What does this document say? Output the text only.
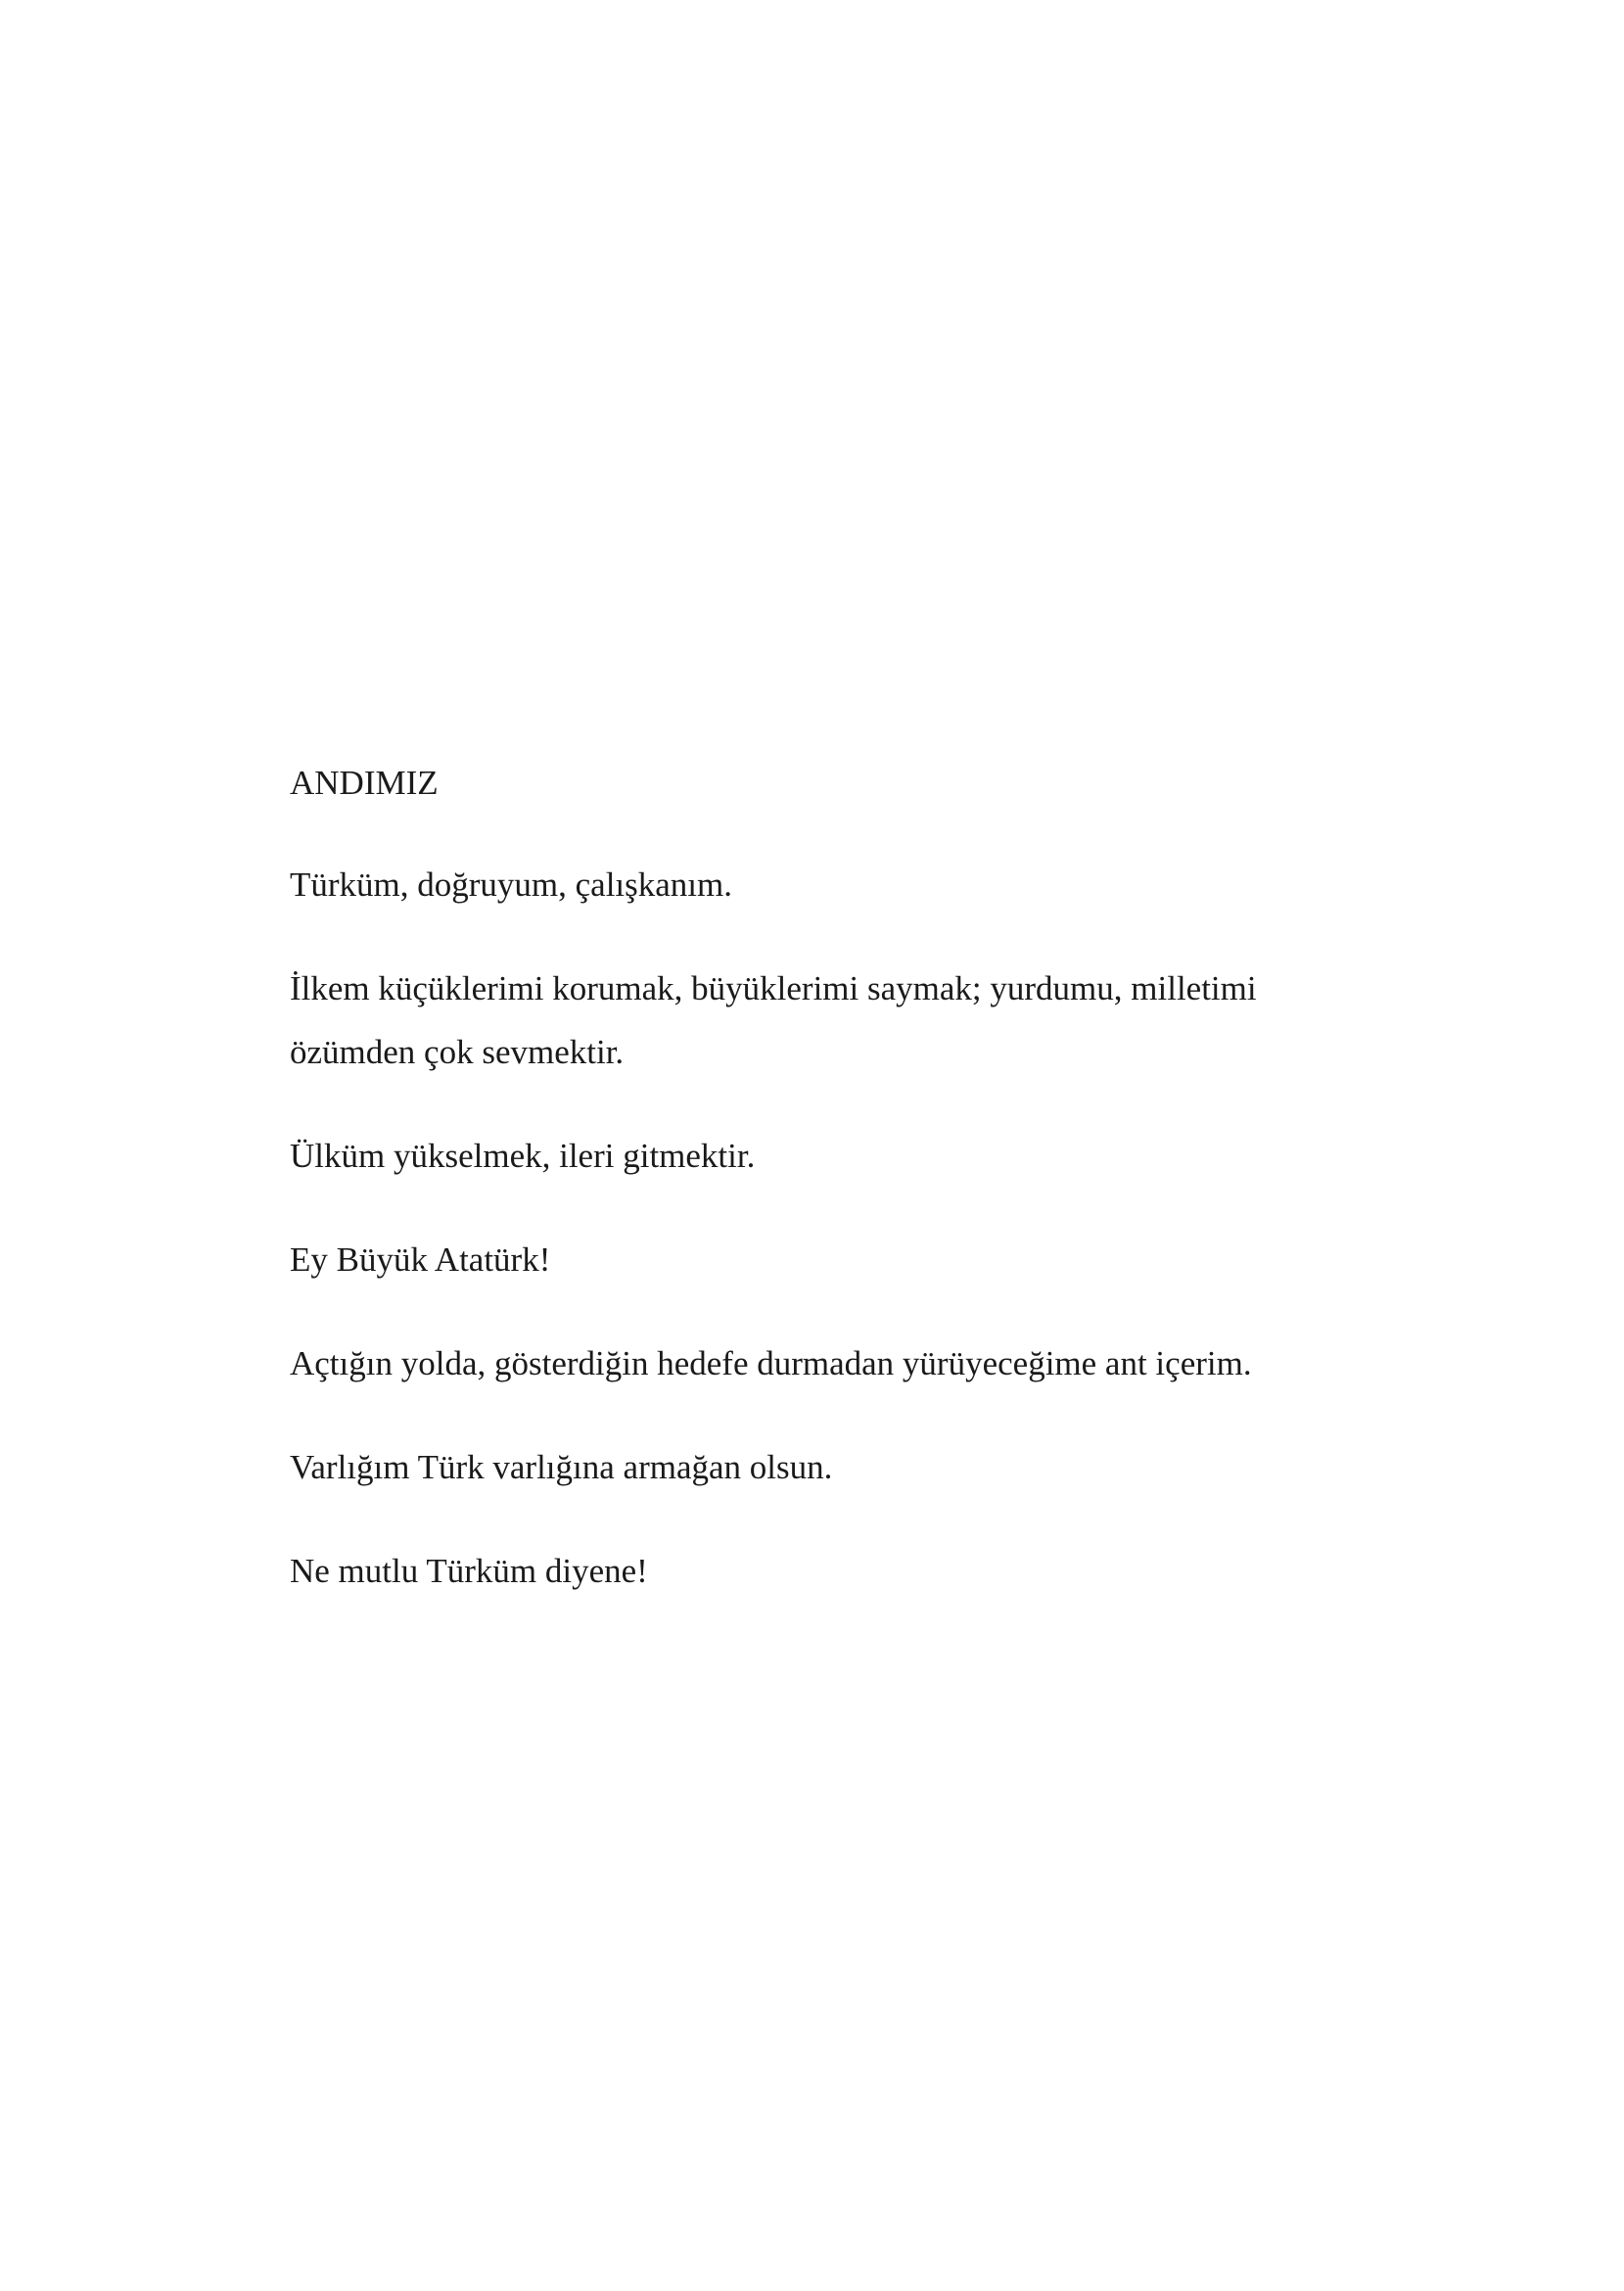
ANDIMIZ

Türküm, doğruyum, çalışkanım.

İlkem küçüklerimi korumak, büyüklerimi saymak; yurdumu, milletimi özümden çok sevmektir.

Ülküm yükselmek, ileri gitmektir.

Ey Büyük Atatürk!

Açtığın yolda, gösterdiğin hedefe durmadan yürüyeceğime ant içerim.

Varlığım Türk varlığına armağan olsun.

Ne mutlu Türküm diyene!
